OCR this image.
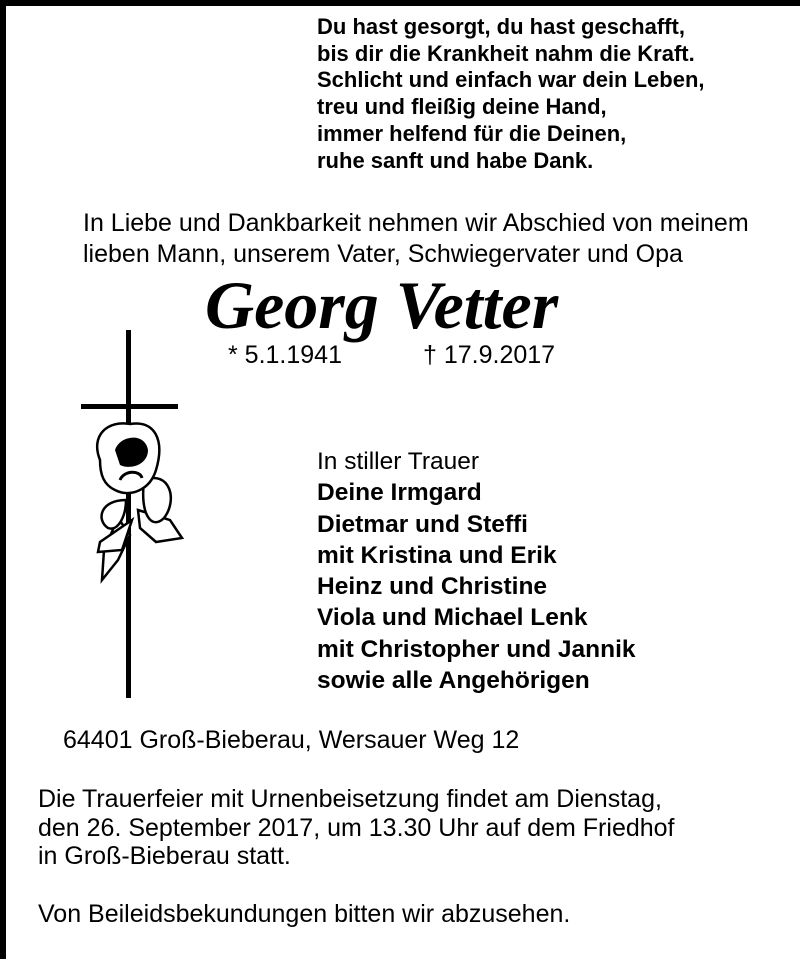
Du hast gesorgt, du hast geschafft,
bis dir die Krankheit nahm die Kraft.
Schlicht und einfach war dein Leben,
treu und fleißig deine Hand,
immer helfend für die Deinen,
ruhe sanft und habe Dank.
In Liebe und Dankbarkeit nehmen wir Abschied von meinem lieben Mann, unserem Vater, Schwiegervater und Opa
Georg Vetter
* 5.1.1941	† 17.9.2017
In stiller Trauer
Deine Irmgard
Dietmar und Steffi
mit Kristina und Erik
Heinz und Christine
Viola und Michael Lenk
mit Christopher und Jannik
sowie alle Angehörigen
64401 Groß-Bieberau, Wersauer Weg 12
Die Trauerfeier mit Urnenbeisetzung findet am Dienstag,
den 26. September 2017, um 13.30 Uhr auf dem Friedhof
in Groß-Bieberau statt.
Von Beileidsbekundungen bitten wir abzusehen.
